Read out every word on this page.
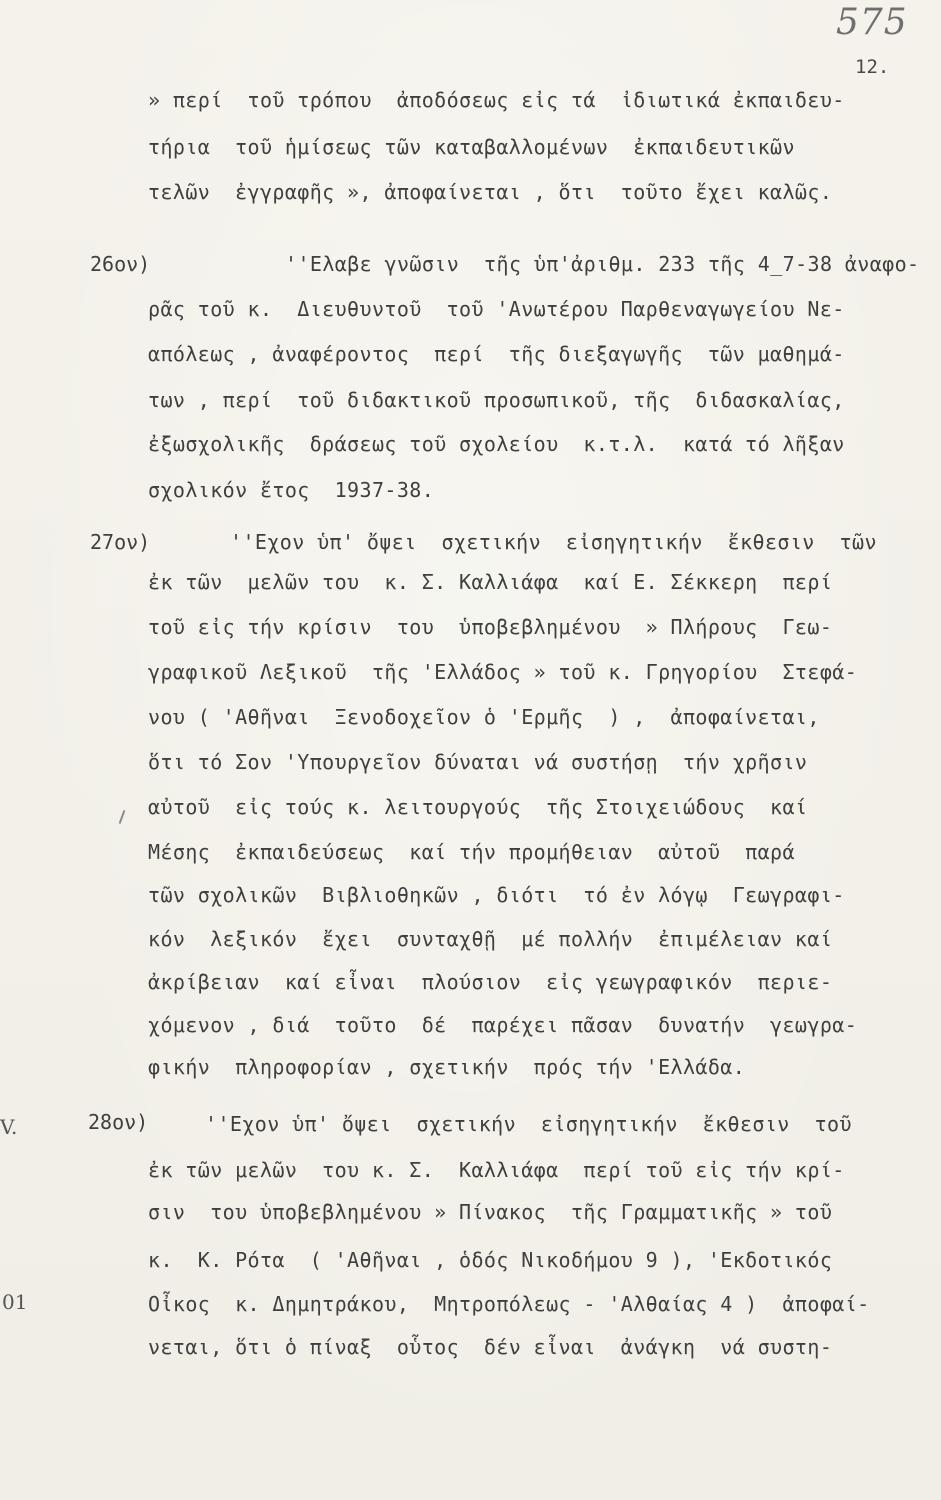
575
12.
» περί  τοῦ τρόπου  ἀποδόσεως εἰς τά  ἰδιωτικά ἐκπαιδευ-
τήρια  τοῦ ἡμίσεως τῶν καταβαλλομένων  ἐκπαιδευτικῶν
τελῶν  ἐγγραφῆς », ἀποφαίνεται , ὅτι  τοῦτο ἔχει καλῶς.
26ον)	''Ελαβε γνῶσιν  τῆς ὑπ'ἀριθμ. 233 τῆς 4_7-38 ἀναφο-
ρᾶς τοῦ κ.  Διευθυντοῦ  τοῦ 'Ανωτέρου Παρθεναγωγείου Νε-
απόλεως , ἀναφέροντος  περί  τῆς διεξαγωγῆς  τῶν μαθημά-
των , περί  τοῦ διδακτικοῦ προσωπικοῦ, τῆς  διδασκαλίας,
ἐξωσχολικῆς  δράσεως τοῦ σχολείου  κ.τ.λ.  κατά τό λῆξαν
σχολικόν ἔτος  1937-38.
27ον)	''Εχον ὑπ' ὄψει  σχετικήν  εἰσηγητικήν  ἔκθεσιν  τῶν
ἐκ τῶν  μελῶν του  κ. Σ. Καλλιάφα  καί Ε. Σέκκερη  περί
τοῦ εἰς τήν κρίσιν  του  ὑποβεβλημένου  » Πλήρους  Γεω-
γραφικοῦ Λεξικοῦ  τῆς 'Ελλάδος » τοῦ κ. Γρηγορίου  Στεφά-
νου ( 'Αθῆναι  Ξενοδοχεῖον ὁ 'Ερμῆς  ) ,  ἀποφαίνεται,
ὅτι τό Σον 'Υπουργεῖον δύναται νά συστήσῃ  τήν χρῆσιν
αὐτοῦ  εἰς τούς κ. λειτουργούς  τῆς Στοιχειώδους  καί
Μέσης  ἐκπαιδεύσεως  καί τήν προμήθειαν  αὐτοῦ  παρά
τῶν σχολικῶν  Βιβλιοθηκῶν , διότι  τό ἐν λόγῳ  Γεωγραφι-
κόν  λεξικόν  ἔχει  συνταχθῇ  μέ πολλήν  ἐπιμέλειαν καί
ἀκρίβειαν  καί εἶναι  πλούσιον  εἰς γεωγραφικόν  περιε-
χόμενον , διά  τοῦτο  δέ  παρέχει πᾶσαν  δυνατήν  γεωγρα-
φικήν  πληροφορίαν , σχετικήν  πρός τήν 'Ελλάδα.
28ον)	''Εχον ὑπ' ὄψει  σχετικήν  εἰσηγητικήν  ἔκθεσιν  τοῦ
ἐκ τῶν μελῶν  του κ. Σ.  Καλλιάφα  περί τοῦ εἰς τήν κρί-
σιν  του ὑποβεβλημένου » Πίνακος  τῆς Γραμματικῆς » τοῦ
κ.  Κ. Ρότα  ( 'Αθῆναι , ὁδός Νικοδήμου 9 ), 'Εκδοτικός
Οἶκος  κ. Δημητράκου,  Μητροπόλεως - 'Αλθαίας 4 )  ἀποφαί-
νεται, ὅτι ὁ πίναξ  οὗτος  δέν εἶναι  ἀνάγκη  νά συστη-
V.
01
